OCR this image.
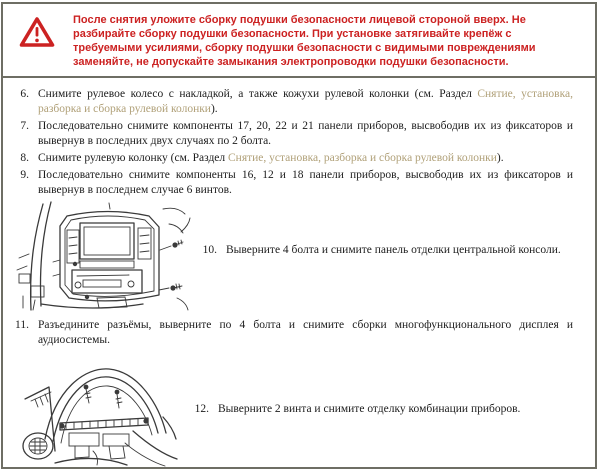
После снятия уложите сборку подушки безопасности лицевой стороной вверх. Не разбирайте сборку подушки безопасности. При установке затягивайте крепёж с требуемыми усилиями, сборку подушки безопасности с видимыми повреждениями заменяйте, не допускайте замыкания электропроводки подушки безопасности.

6. Снимите рулевое колесо с накладкой, а также кожухи рулевой колонки (см. Раздел Снятие, установка, разборка и сборка рулевой колонки).

7. Последовательно снимите компоненты 17, 20, 22 и 21 панели приборов, высвободив их из фиксаторов и вывернув в последних двух случаях по 2 болта.

8. Снимите рулевую колонку (см. Раздел Снятие, установка, разборка и сборка рулевой колонки).

9. Последовательно снимите компоненты 16, 12 и 18 панели приборов, высвободив их из фиксаторов и вывернув в последнем случае 6 винтов.

10. Выверните 4 болта и снимите панель отделки центральной консоли.

11. Разъедините разъёмы, выверните по 4 болта и снимите сборки многофункционального дисплея и аудиосистемы.

12. Выверните 2 винта и снимите отделку комбинации приборов.
